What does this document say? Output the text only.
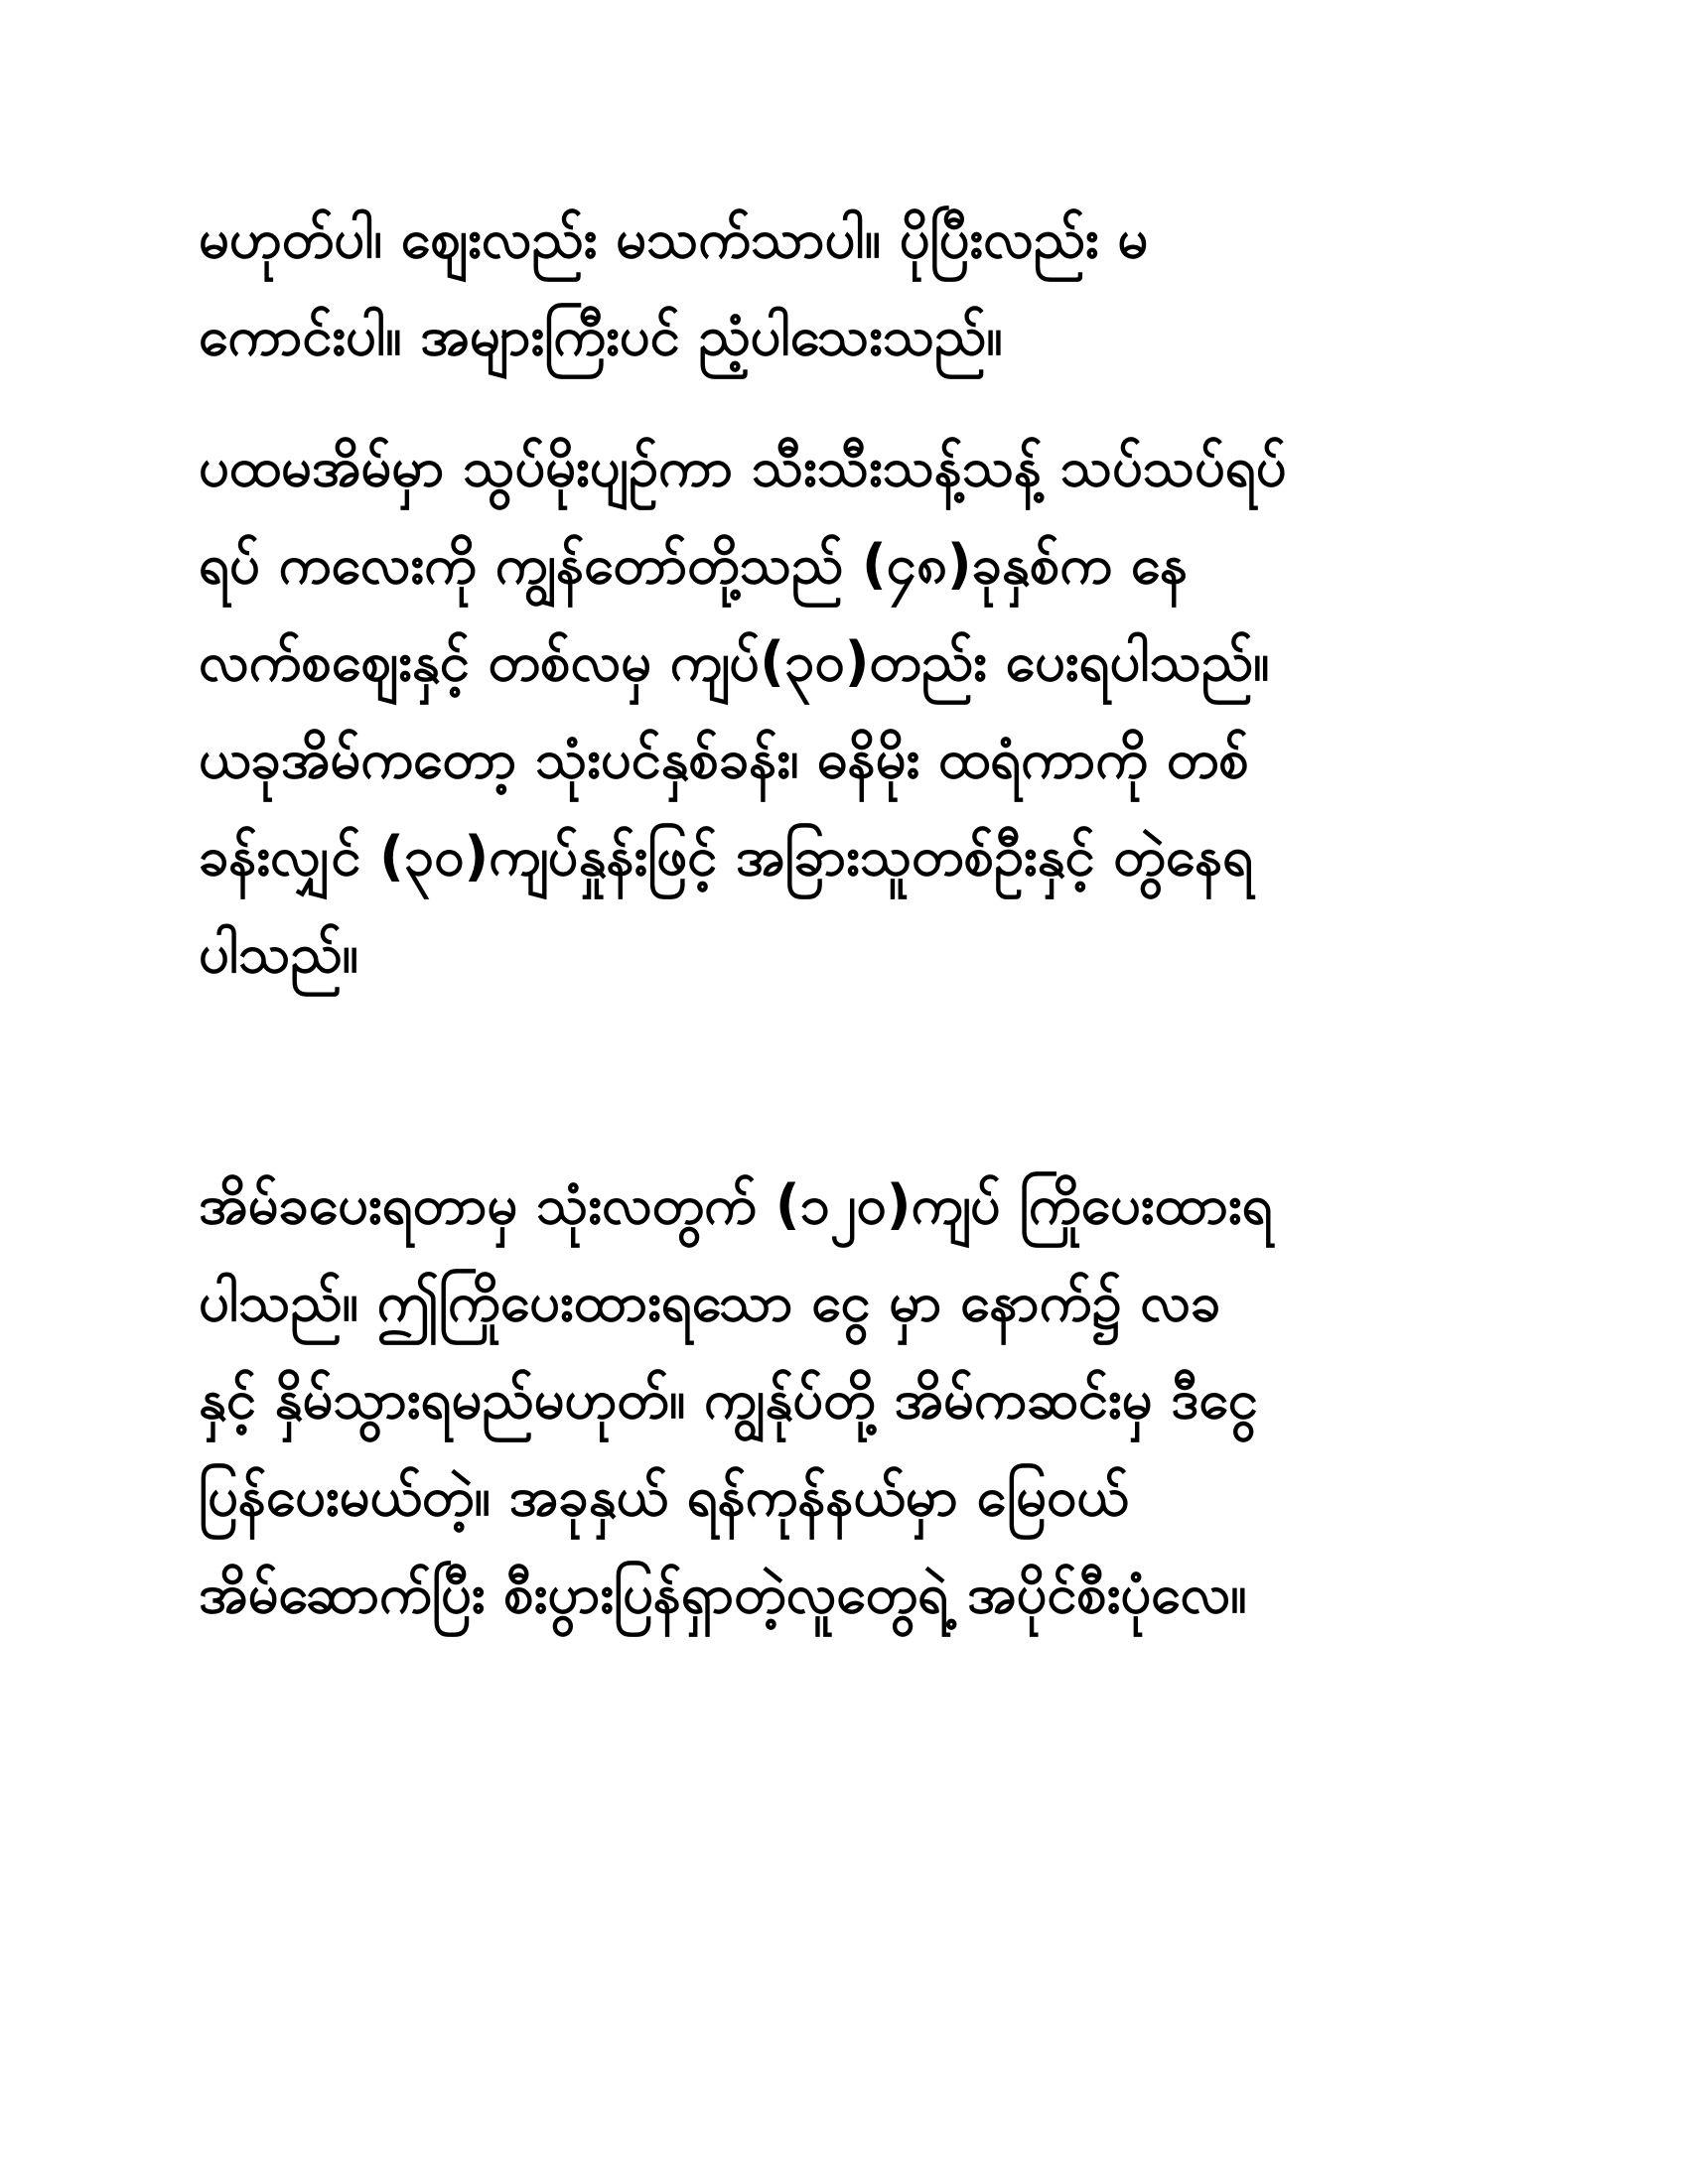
မဟုတ်ပါ၊ ဈေးလည်း မသက်သာပါ။ ပိုပြီးလည်း မ
ကောင်းပါ။ အများကြီးပင် ညံ့ပါသေးသည်။
ပထမအိမ်မှာ သွပ်မိုးပျဉ်ကာ သီးသီးသန့်သန့် သပ်သပ်ရပ်
ရပ် ကလေးကို ကျွန်တော်တို့သည် (၄၈)ခုနှစ်က နေ
လက်စဈေးနှင့် တစ်လမှ ကျပ်(၃၀)တည်း ပေးရပါသည်။
ယခုအိမ်ကတော့ သုံးပင်နှစ်ခန်း၊ ဓနိမိုး ထရံကာကို တစ်
ခန်းလျှင် (၃၀)ကျပ်နှုန်းဖြင့် အခြားသူတစ်ဦးနှင့် တွဲနေရ
ပါသည်။
အိမ်ခပေးရတာမှ သုံးလတွက် (၁၂၀)ကျပ် ကြိုပေးထားရ
ပါသည်။ ဤကြိုပေးထားရသော ငွေ မှာ နောက်၌ လခ
နှင့် နှိမ်သွားရမည်မဟုတ်။ ကျွန်ုပ်တို့ အိမ်ကဆင်းမှ ဒီငွေ
ပြန်ပေးမယ်တဲ့။ အခုနှယ် ရန်ကုန်နယ်မှာ မြေဝယ်
အိမ်ဆောက်ပြီး စီးပွားပြန်ရှာတဲ့လူတွေရဲ့ အပိုင်စီးပုံလေ။
